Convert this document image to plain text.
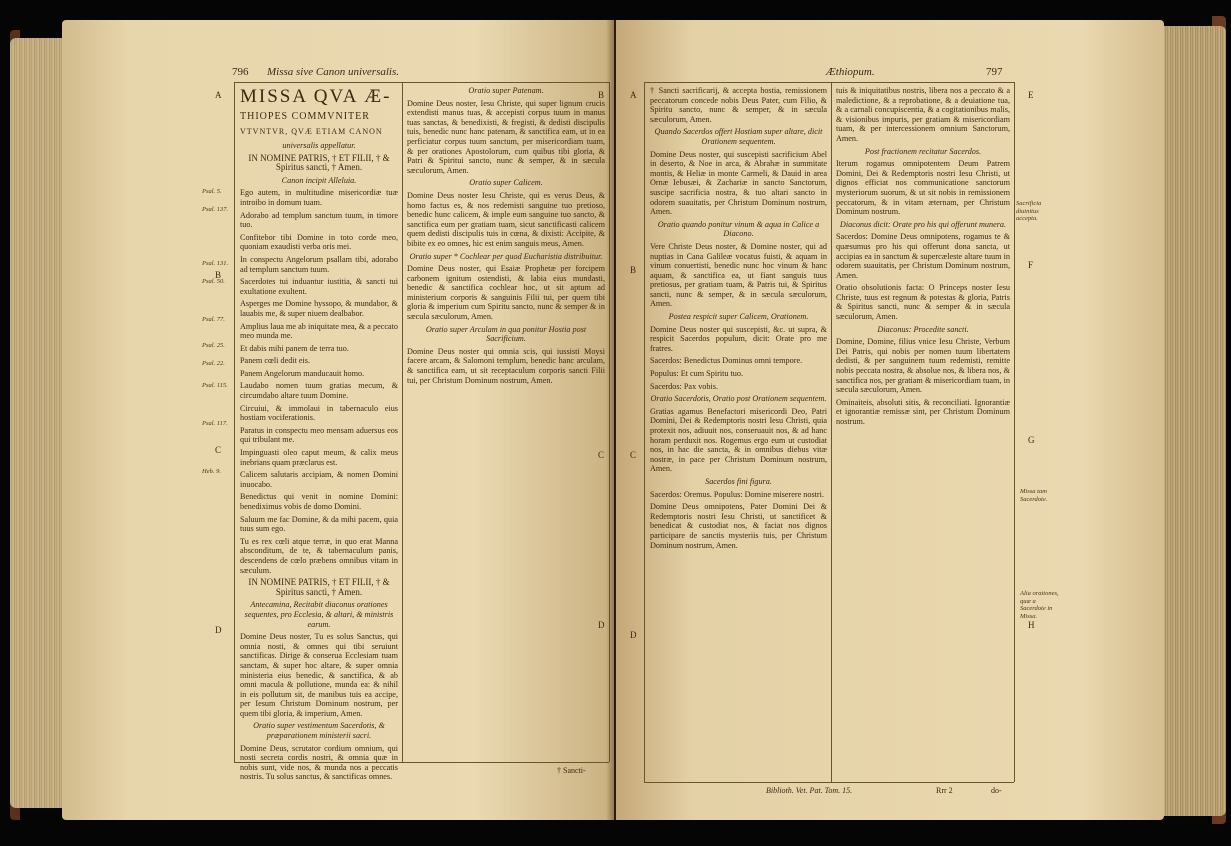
796 Missa sive Canon universalis.
A
B
C
D
Psal. 5.
Psal. 137.
Psal. 131.
Psal. 50.
Psal. 77.
Psal. 25.
Psal. 22.
Psal. 115.
Psal. 117.
Heb. 9.
B
C
D

MISSA QVA Æ-

THIOPES COMMVNITER

VTVNTVR, QVÆ ETIAM CANON

universalis appellatur.

IN NOMINE PATRIS, † ET FILII, † & Spiritus sancti, † Amen.

Canon incipit Alleluia.

Ego autem, in multitudine misericordiæ tuæ introibo in domum tuam.

Adorabo ad templum sanctum tuum, in timore tuo.

Confitebor tibi Domine in toto corde meo, quoniam exaudisti verba oris mei.

In conspectu Angelorum psallam tibi, adorabo ad templum sanctum tuum.

Sacerdotes tui induantur iustitia, & sancti tui exultatione exultent.

Asperges me Domine hyssopo, & mundabor, & lauabis me, & super niuem dealbabor.

Amplius laua me ab iniquitate mea, & a peccato meo munda me.

Et dabis mihi panem de terra tuo.

Panem cœli dedit eis.

Panem Angelorum manducauit homo.

Laudabo nomen tuum gratias mecum, & circumdabo altare tuum Domine.

Circuiui, & immolaui in tabernaculo eius hostiam vociferationis.

Paratus in conspectu meo mensam aduersus eos qui tribulant me.

Impinguasti oleo caput meum, & calix meus inebrians quam præclarus est.

Calicem salutaris accipiam, & nomen Domini inuocabo.

Benedictus qui venit in nomine Domini: benediximus vobis de domo Domini.

Saluum me fac Domine, & da mihi pacem, quia tuus sum ego.

Tu es rex cœli atque terræ, in quo erat Manna absconditum, de te, & tabernaculum panis, descendens de cœlo præbens omnibus vitam in sæculum.

IN NOMINE PATRIS, † ET FILII, † & Spiritus sancti, † Amen.

Antecamina, Recitabit diaconus orationes sequentes, pro Ecclesia, & altari, & ministris earum.

Domine Deus noster, Tu es solus Sanctus, qui omnia nosti, & omnes qui tibi seruiunt sanctificas. Dirige & conserua Ecclesiam tuam sanctam, & super hoc altare, & super omnia ministeria eius benedic, & sanctifica, & ab omni macula & pollutione, munda ea: & nihil in eis pollutum sit, de manibus tuis ea accipe, per Iesum Christum Dominum nostrum, per quem tibi gloria, & imperium, Amen.

Oratio super vestimentum Sacerdotis, & præparationem ministerii sacri.

Domine Deus, scrutator cordium omnium, qui nosti secreta cordis nostri, & omnia quæ in nobis sunt, vide nos, & munda nos a peccatis nostris. Tu solus sanctus, & sanctificas omnes.

Oratio super Patenam.

Domine Deus noster, Iesu Christe, qui super lignum crucis extendisti manus tuas, & accepisti corpus tuum in manus tuas sanctas, & benedixisti, & fregisti, & dedisti discipulis tuis, benedic nunc hanc patenam, & sanctifica eam, ut in ea perficiatur corpus tuum sanctum, per misericordiam tuam, & per orationes Apostolorum, cum quibus tibi gloria, & Patri & Spiritui sancto, nunc & semper, & in sæcula sæculorum, Amen.

Oratio super Calicem.

Domine Deus noster Iesu Christe, qui es verus Deus, & homo factus es, & nos redemisti sanguine tuo pretioso, benedic hunc calicem, & imple eum sanguine tuo sancto, & sanctifica eum per gratiam tuam, sicut sanctificasti calicem quem dedisti discipulis tuis in cœna, & dixisti: Accipite, & bibite ex eo omnes, hic est enim sanguis meus, Amen.

Oratio super * Cochlear per quod Eucharistia distribuitur.

Domine Deus noster, qui Esaiæ Prophetæ per forcipem carbonem ignitum ostendisti, & labia eius mundasti, benedic & sanctifica cochlear hoc, ut sit aptum ad ministerium corporis & sanguinis Filii tui, per quem tibi gloria & imperium cum Spiritu sancto, nunc & semper & in sæcula sæculorum, Amen.

Oratio super Arculam in qua ponitur Hostia post Sacrificium.

Domine Deus noster qui omnia scis, qui iussisti Moysi facere arcam, & Salomoni templum, benedic hanc arculam, & sanctifica eam, ut sit receptaculum corporis sancti Filii tui, per Christum Dominum nostrum, Amen.

† Sancti-
Æthiopum.	797
A
B
C
D
E
F
G
H
Sacrificia diuinitus accepta.
Missa tam Sacerdote.
Alia orationes, quæ a Sacerdote in Missa.

† Sancti sacrificarij, & accepta hostia, remissionem peccatorum concede nobis Deus Pater, cum Filio, & Spiritu sancto, nunc & semper, & in sæcula sæculorum, Amen.

Quando Sacerdos offert Hostiam super altare, dicit Orationem sequentem.

Domine Deus noster, qui suscepisti sacrificium Abel in deserto, & Noe in arca, & Abrahæ in summitate montis, & Heliæ in monte Carmeli, & Dauid in area Ornæ Iebusæi, & Zachariæ in sancto Sanctorum, suscipe sacrificia nostra, & tuo altari sancto in odorem suauitatis, per Christum Dominum nostrum, Amen.

Oratio quando ponitur vinum & aqua in Calice a Diacono.

Vere Christe Deus noster, & Domine noster, qui ad nuptias in Cana Galileæ vocatus fuisti, & aquam in vinum conuertisti, benedic nunc hoc vinum & hanc aquam, & sanctifica ea, ut fiant sanguis tuus pretiosus, per gratiam tuam, & Patris tui, & Spiritus sancti, nunc & semper, & in sæcula sæculorum, Amen.

Postea respicit super Calicem, Orationem.

Domine Deus noster qui suscepisti, &c. ut supra, & respicit Sacerdos populum, dicit: Orate pro me fratres.

Sacerdos: Benedictus Dominus omni tempore.

Populus: Et cum Spiritu tuo.

Sacerdos: Pax vobis.

Oratio Sacerdotis, Oratio post Orationem sequentem.

Gratias agamus Benefactori misericordi Deo, Patri Domini, Dei & Redemptoris nostri Iesu Christi, quia protexit nos, adiuuit nos, conseruauit nos, & ad hanc horam perduxit nos. Rogemus ergo eum ut custodiat nos, in hac die sancta, & in omnibus diebus vitæ nostræ, in pace per Christum Dominum nostrum, Amen.

Sacerdos fini figura.

Sacerdos: Oremus. Populus: Domine miserere nostri.

Domine Deus omnipotens, Pater Domini Dei & Redemptoris nostri Iesu Christi, ut sanctificet & benedicat & custodiat nos, & faciat nos dignos participare de sanctis mysteriis tuis, per Christum Dominum nostrum, Amen.

tuis & iniquitatibus nostris, libera nos a peccato & a maledictione, & a reprobatione, & a deuiatione tua, & a carnali concupiscentia, & a cogitationibus malis, & visionibus impuris, per gratiam & misericordiam tuam, & per intercessionem omnium Sanctorum, Amen.

Post fractionem recitatur Sacerdos.

Iterum rogamus omnipotentem Deum Patrem Domini, Dei & Redemptoris nostri Iesu Christi, ut dignos efficiat nos communicatione sanctorum mysteriorum suorum, & ut sit nobis in remissionem peccatorum, & in vitam æternam, per Christum Dominum nostrum.

Diaconus dicit: Orate pro his qui offerunt munera.

Sacerdos: Domine Deus omnipotens, rogamus te & quæsumus pro his qui offerunt dona sancta, ut accipias ea in sanctum & supercæleste altare tuum in odorem suauitatis, per Christum Dominum nostrum, Amen.

Oratio obsolutionis facta: O Princeps noster Iesu Christe, tuus est regnum & potestas & gloria, Patris & Spiritus sancti, nunc & semper & in sæcula sæculorum, Amen.

Diaconus: Procedite sancti.

Domine, Domine, filius vnice Iesu Christe, Verbum Dei Patris, qui nobis per nomen tuum libertatem dedisti, & per sanguinem tuum redemisti, remitte nobis peccata nostra, & absolue nos, & libera nos, & sanctifica nos, per gratiam & misericordiam tuam, in sæcula sæculorum, Amen.

Ominaiteis, absoluti sitis, & reconciliati. Ignorantiæ et ignorantiæ remissæ sint, per Christum Dominum nostrum.

Biblioth. Vet. Pat. Tom. 15.	Rrr 2	do-
